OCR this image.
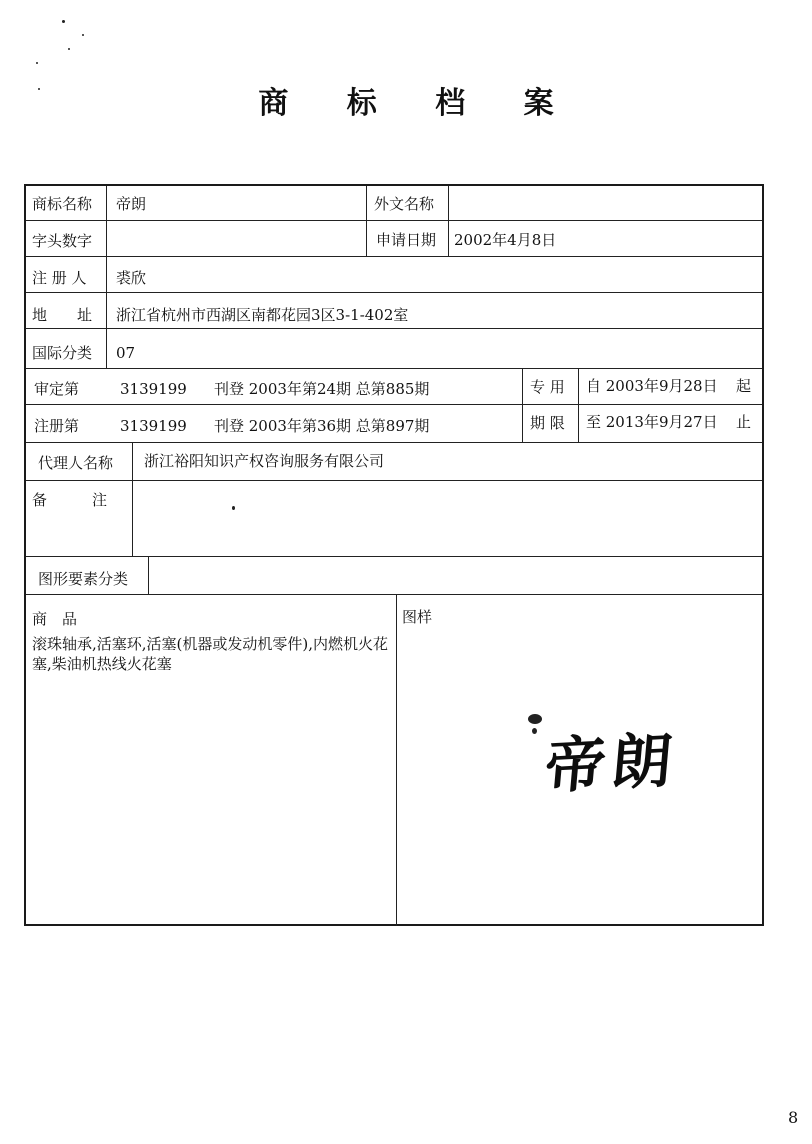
商 标 档 案
商标名称 帝朗	外文名称
字头数字	申请日期 2002年4月8日
注 册 人 裘欣
地　　址 浙江省杭州市西湖区南都花园3区3-1-402室
国际分类 07
审定第	3139199 刊登 2003年第24期 总第885期	专 用 自 2003年9月28日 起
注册第	3139199 刊登 2003年第36期 总第897期	期 限 至 2013年9月27日 止
代理人名称 浙江裕阳知识产权咨询服务有限公司
备　　　注
图形要素分类
商　品
滚珠轴承,活塞环,活塞(机器或发动机零件),内燃机火花塞,柴油机热线火花塞
图样
帝朗
8
